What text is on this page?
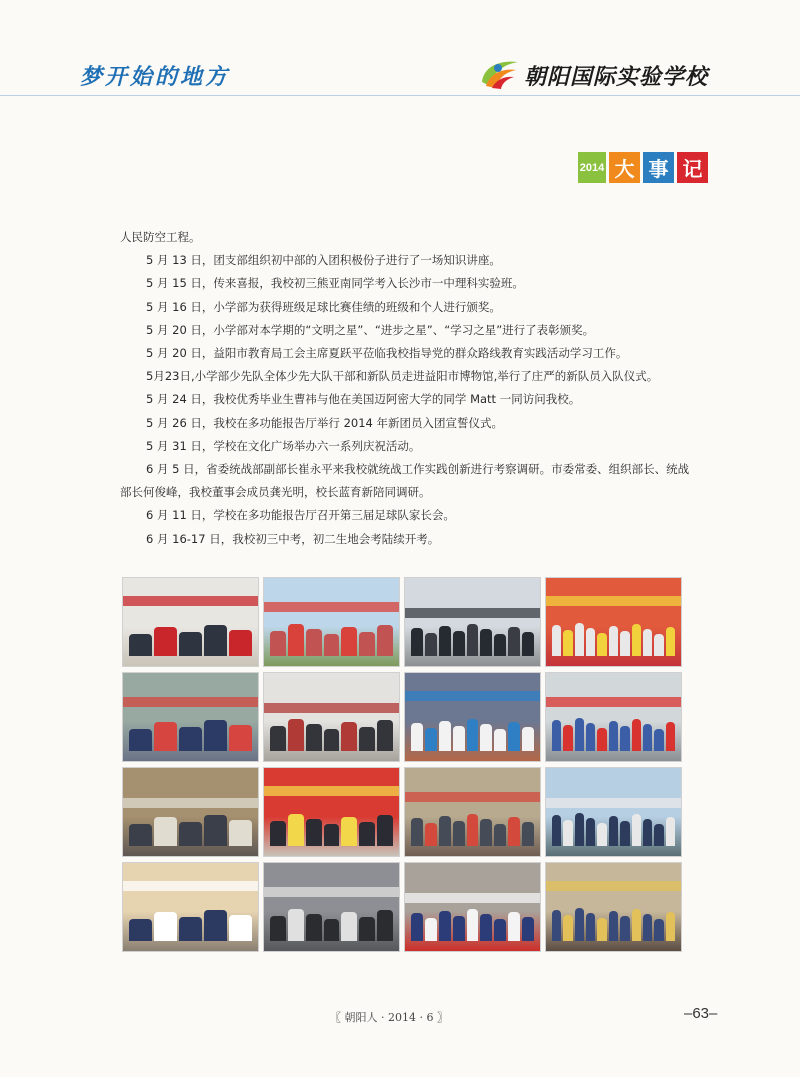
梦开始的地方	朝阳国际实验学校
2014 大 事 记

人民防空工程。

5 月 13 日，团支部组织初中部的入团积极份子进行了一场知识讲座。

5 月 15 日，传来喜报，我校初三熊亚南同学考入长沙市一中理科实验班。

5 月 16 日，小学部为获得班级足球比赛佳绩的班级和个人进行颁奖。

5 月 20 日，小学部对本学期的“文明之星”、“进步之星”、“学习之星”进行了表彰颁奖。

5 月 20 日，益阳市教育局工会主席夏跃平莅临我校指导党的群众路线教育实践活动学习工作。

5月23日,小学部少先队全体少先大队干部和新队员走进益阳市博物馆,举行了庄严的新队员入队仪式。

5 月 24 日，我校优秀毕业生曹祎与他在美国迈阿密大学的同学 Matt 一同访问我校。

5 月 26 日，我校在多功能报告厅举行 2014 年新团员入团宣誓仪式。

5 月 31 日，学校在文化广场举办六一系列庆祝活动。

6 月 5 日，省委统战部副部长崔永平来我校就统战工作实践创新进行考察调研。市委常委、组织部长、统战部长何俊峰，我校董事会成员龚光明，校长蓝育新陪同调研。

6 月 11 日，学校在多功能报告厅召开第三届足球队家长会。

6 月 16-17 日，我校初三中考，初二生地会考陆续开考。

〖 朝阳人 · 2014 · 6 〗	–63–
